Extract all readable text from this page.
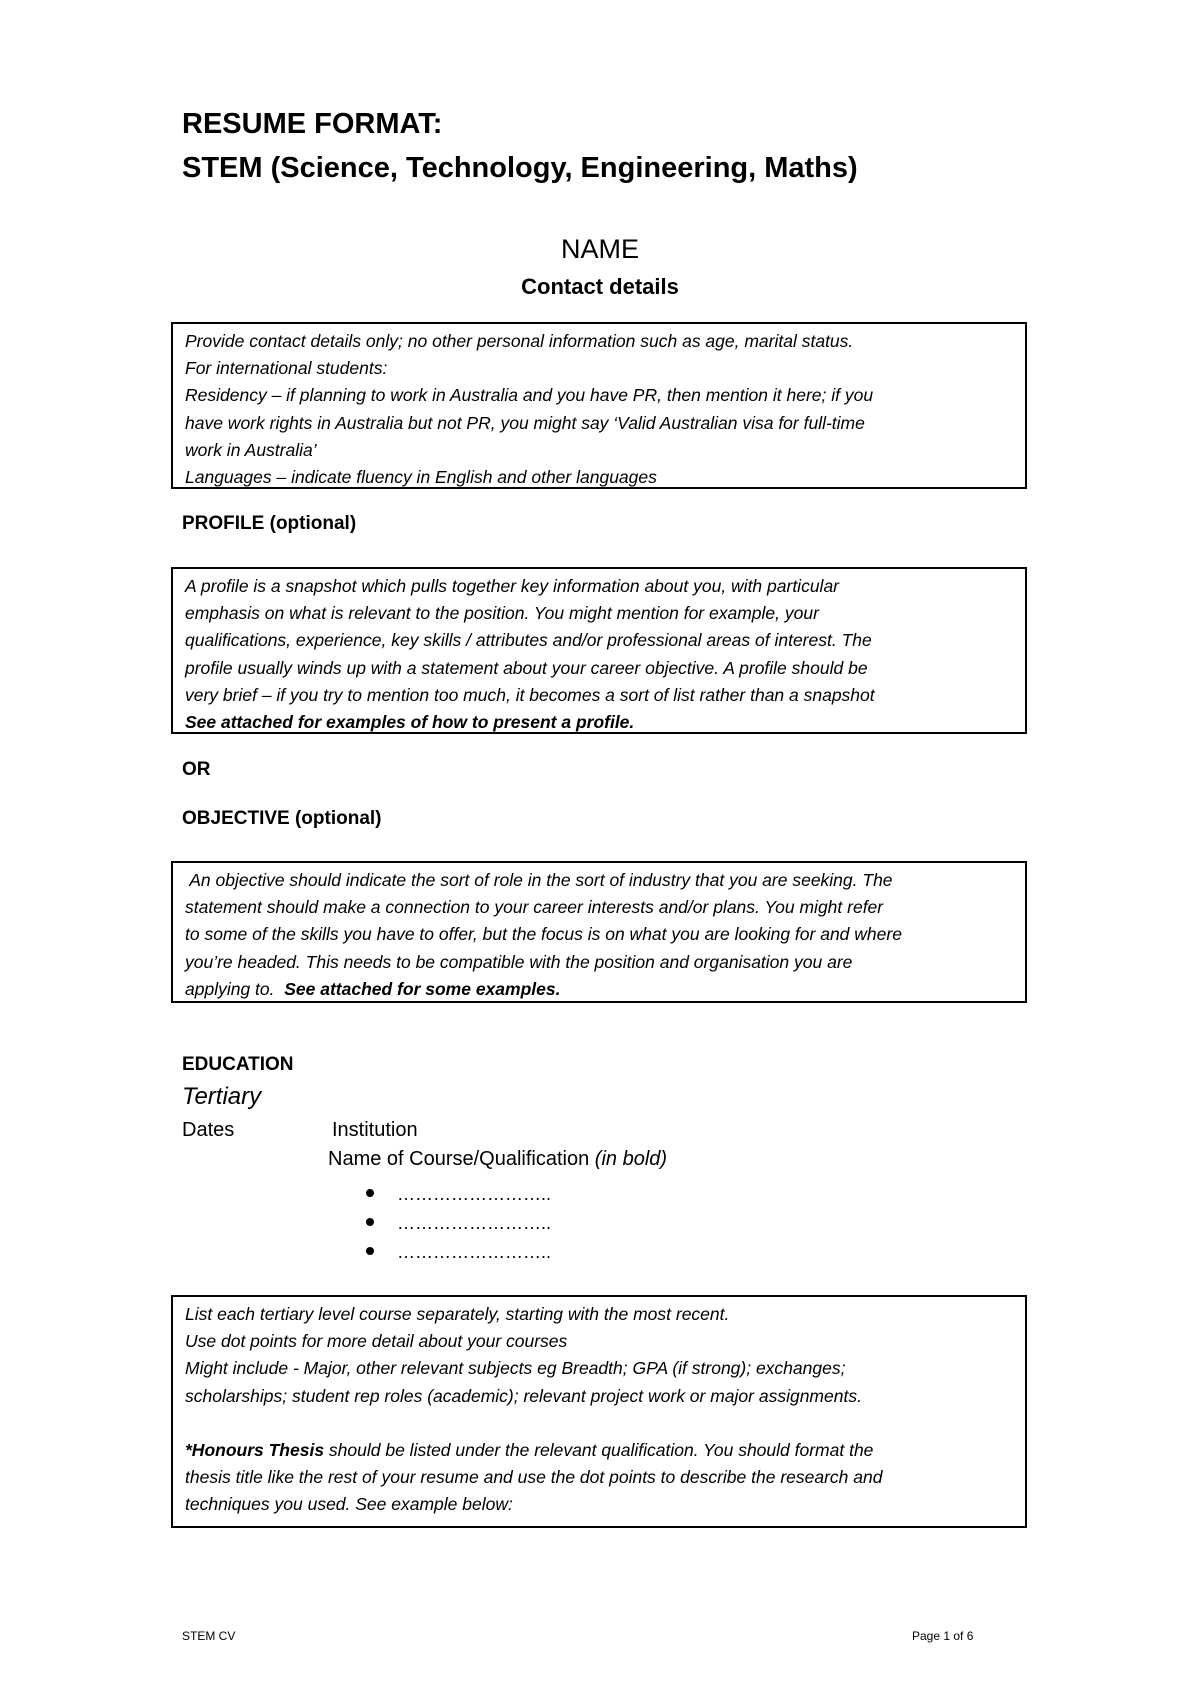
RESUME FORMAT:
STEM (Science, Technology, Engineering, Maths)
NAME
Contact details

Provide contact details only; no other personal information such as age, marital status.

For international students:

Residency – if planning to work in Australia and you have PR, then mention it here; if you

have work rights in Australia but not PR, you might say ‘Valid Australian visa for full-time

work in Australia’

Languages – indicate fluency in English and other languages

PROFILE (optional)

A profile is a snapshot which pulls together key information about you, with particular

emphasis on what is relevant to the position. You might mention for example, your

qualifications, experience, key skills / attributes and/or professional areas of interest. The

profile usually winds up with a statement about your career objective. A profile should be

very brief – if you try to mention too much, it becomes a sort of list rather than a snapshot

See attached for examples of how to present a profile.

OR
OBJECTIVE (optional)

An objective should indicate the sort of role in the sort of industry that you are seeking. The

statement should make a connection to your career interests and/or plans. You might refer

to some of the skills you have to offer, but the focus is on what you are looking for and where

you’re headed. This needs to be compatible with the position and organisation you are

applying to.  See attached for some examples.

EDUCATION
Tertiary
Dates	Institution
Name of Course/Qualification (in bold)
……………………..
……………………..
……………………..

List each tertiary level course separately, starting with the most recent.

Use dot points for more detail about your courses

Might include - Major, other relevant subjects eg Breadth; GPA (if strong); exchanges;

scholarships; student rep roles (academic); relevant project work or major assignments.

*Honours Thesis should be listed under the relevant qualification. You should format the

thesis title like the rest of your resume and use the dot points to describe the research and

techniques you used. See example below:

STEM CV	Page 1 of 6
